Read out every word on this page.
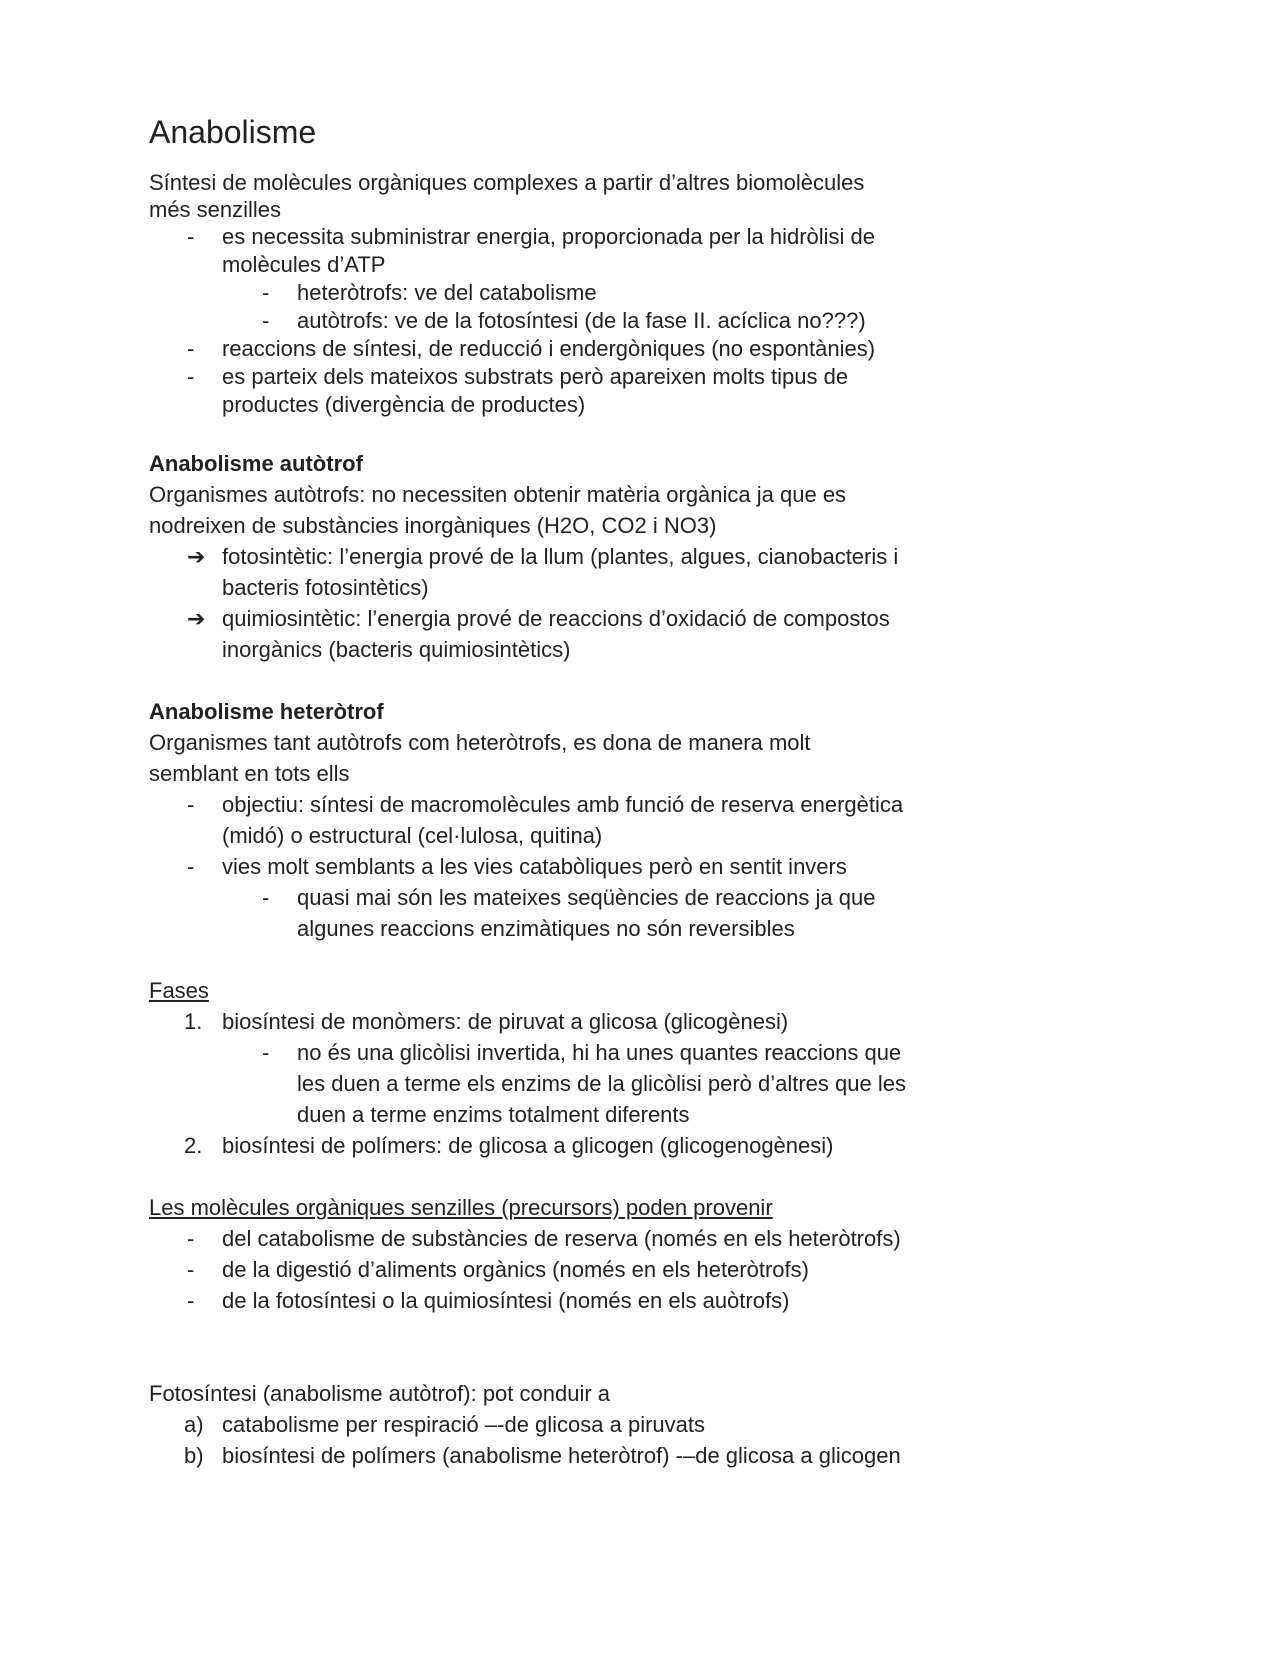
Anabolisme

Síntesi de molècules orgàniques complexes a partir d’altres biomolècules

més senzilles

- es necessita subministrar energia, proporcionada per la hidròlisi de

molècules d’ATP

- heteròtrofs: ve del catabolisme

- autòtrofs: ve de la fotosíntesi (de la fase II. acíclica no???)

- reaccions de síntesi, de reducció i endergòniques (no espontànies)

- es parteix dels mateixos substrats però apareixen molts tipus de

productes (divergència de productes)

Anabolisme autòtrof

Organismes autòtrofs: no necessiten obtenir matèria orgànica ja que es

nodreixen de substàncies inorgàniques (H2O, CO2 i NO3)

➔ fotosintètic: l’energia prové de la llum (plantes, algues, cianobacteris i

bacteris fotosintètics)

➔ quimiosintètic: l’energia prové de reaccions d’oxidació de compostos

inorgànics (bacteris quimiosintètics)

Anabolisme heteròtrof

Organismes tant autòtrofs com heteròtrofs, es dona de manera molt

semblant en tots ells

- objectiu: síntesi de macromolècules amb funció de reserva energètica

(midó) o estructural (cel·lulosa, quitina)

- vies molt semblants a les vies catabòliques però en sentit invers

- quasi mai són les mateixes seqüències de reaccions ja que

algunes reaccions enzimàtiques no són reversibles

Fases

1. biosíntesi de monòmers: de piruvat a glicosa (glicogènesi)

- no és una glicòlisi invertida, hi ha unes quantes reaccions que

les duen a terme els enzims de la glicòlisi però d’altres que les

duen a terme enzims totalment diferents

2. biosíntesi de polímers: de glicosa a glicogen (glicogenogènesi)

Les molècules orgàniques senzilles (precursors) poden provenir

- del catabolisme de substàncies de reserva (només en els heteròtrofs)

- de la digestió d’aliments orgànics (només en els heteròtrofs)

- de la fotosíntesi o la quimiosíntesi (només en els auòtrofs)

Fotosíntesi (anabolisme autòtrof): pot conduir a

a) catabolisme per respiració –-de glicosa a piruvats

b) biosíntesi de polímers (anabolisme heteròtrof) -–de glicosa a glicogen
